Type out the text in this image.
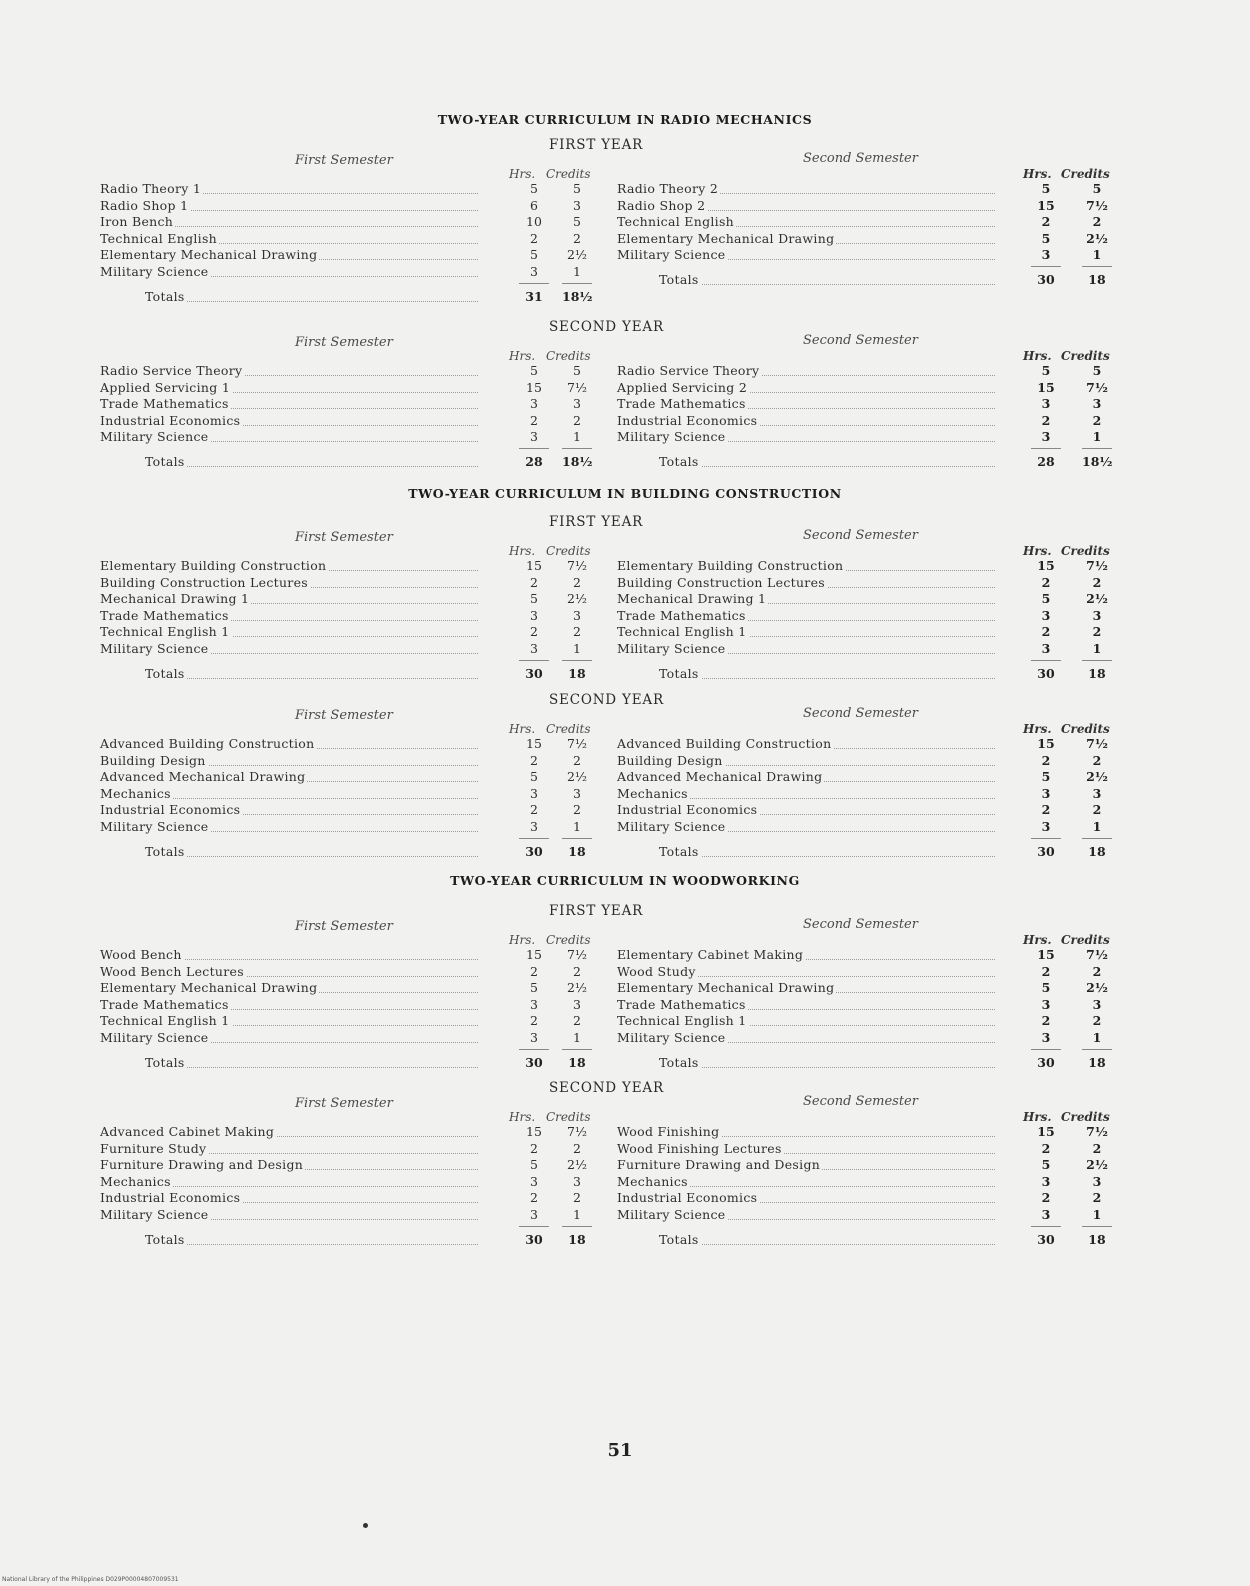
TWO-YEAR CURRICULUM IN RADIO MECHANICS
FIRST YEAR
First Semester	Second Semester
Hrs. Credits	Hrs. Credits
Radio Theory 1	5	5
Radio Shop 1	6	3
Iron Bench	10	5
Technical English	2	2
Elementary Mechanical Drawing	5	2½
Military Science	3	1
Totals	31	18½
Radio Theory 2	5	5
Radio Shop 2	15	7½
Technical English	2	2
Elementary Mechanical Drawing	5	2½
Military Science	3	1
Totals	30	18
SECOND YEAR
First Semester	Second Semester
Hrs. Credits	Hrs. Credits
Radio Service Theory	5	5
Applied Servicing 1	15	7½
Trade Mathematics	3	3
Industrial Economics	2	2
Military Science	3	1
Totals	28	18½
Radio Service Theory	5	5
Applied Servicing 2	15	7½
Trade Mathematics	3	3
Industrial Economics	2	2
Military Science	3	1
Totals	28	18½
TWO-YEAR CURRICULUM IN BUILDING CONSTRUCTION
FIRST YEAR
First Semester	Second Semester
Hrs. Credits	Hrs. Credits
Elementary Building Construction	15	7½
Building Construction Lectures	2	2
Mechanical Drawing 1	5	2½
Trade Mathematics	3	3
Technical English 1	2	2
Military Science	3	1
Totals	30	18
Elementary Building Construction	15	7½
Building Construction Lectures	2	2
Mechanical Drawing 1	5	2½
Trade Mathematics	3	3
Technical English 1	2	2
Military Science	3	1
Totals	30	18
SECOND YEAR
First Semester	Second Semester
Hrs. Credits	Hrs. Credits
Advanced Building Construction	15	7½
Building Design	2	2
Advanced Mechanical Drawing	5	2½
Mechanics	3	3
Industrial Economics	2	2
Military Science	3	1
Totals	30	18
Advanced Building Construction	15	7½
Building Design	2	2
Advanced Mechanical Drawing	5	2½
Mechanics	3	3
Industrial Economics	2	2
Military Science	3	1
Totals	30	18
TWO-YEAR CURRICULUM IN WOODWORKING
FIRST YEAR
First Semester	Second Semester
Hrs. Credits	Hrs. Credits
Wood Bench	15	7½
Wood Bench Lectures	2	2
Elementary Mechanical Drawing	5	2½
Trade Mathematics	3	3
Technical English 1	2	2
Military Science	3	1
Totals	30	18
Elementary Cabinet Making	15	7½
Wood Study	2	2
Elementary Mechanical Drawing	5	2½
Trade Mathematics	3	3
Technical English 1	2	2
Military Science	3	1
Totals	30	18
SECOND YEAR
First Semester	Second Semester
Hrs. Credits	Hrs. Credits
Advanced Cabinet Making	15	7½
Furniture Study	2	2
Furniture Drawing and Design	5	2½
Mechanics	3	3
Industrial Economics	2	2
Military Science	3	1
Totals	30	18
Wood Finishing	15	7½
Wood Finishing Lectures	2	2
Furniture Drawing and Design	5	2½
Mechanics	3	3
Industrial Economics	2	2
Military Science	3	1
Totals	30	18
51
National Library of the Philippines D029P00004807009531
